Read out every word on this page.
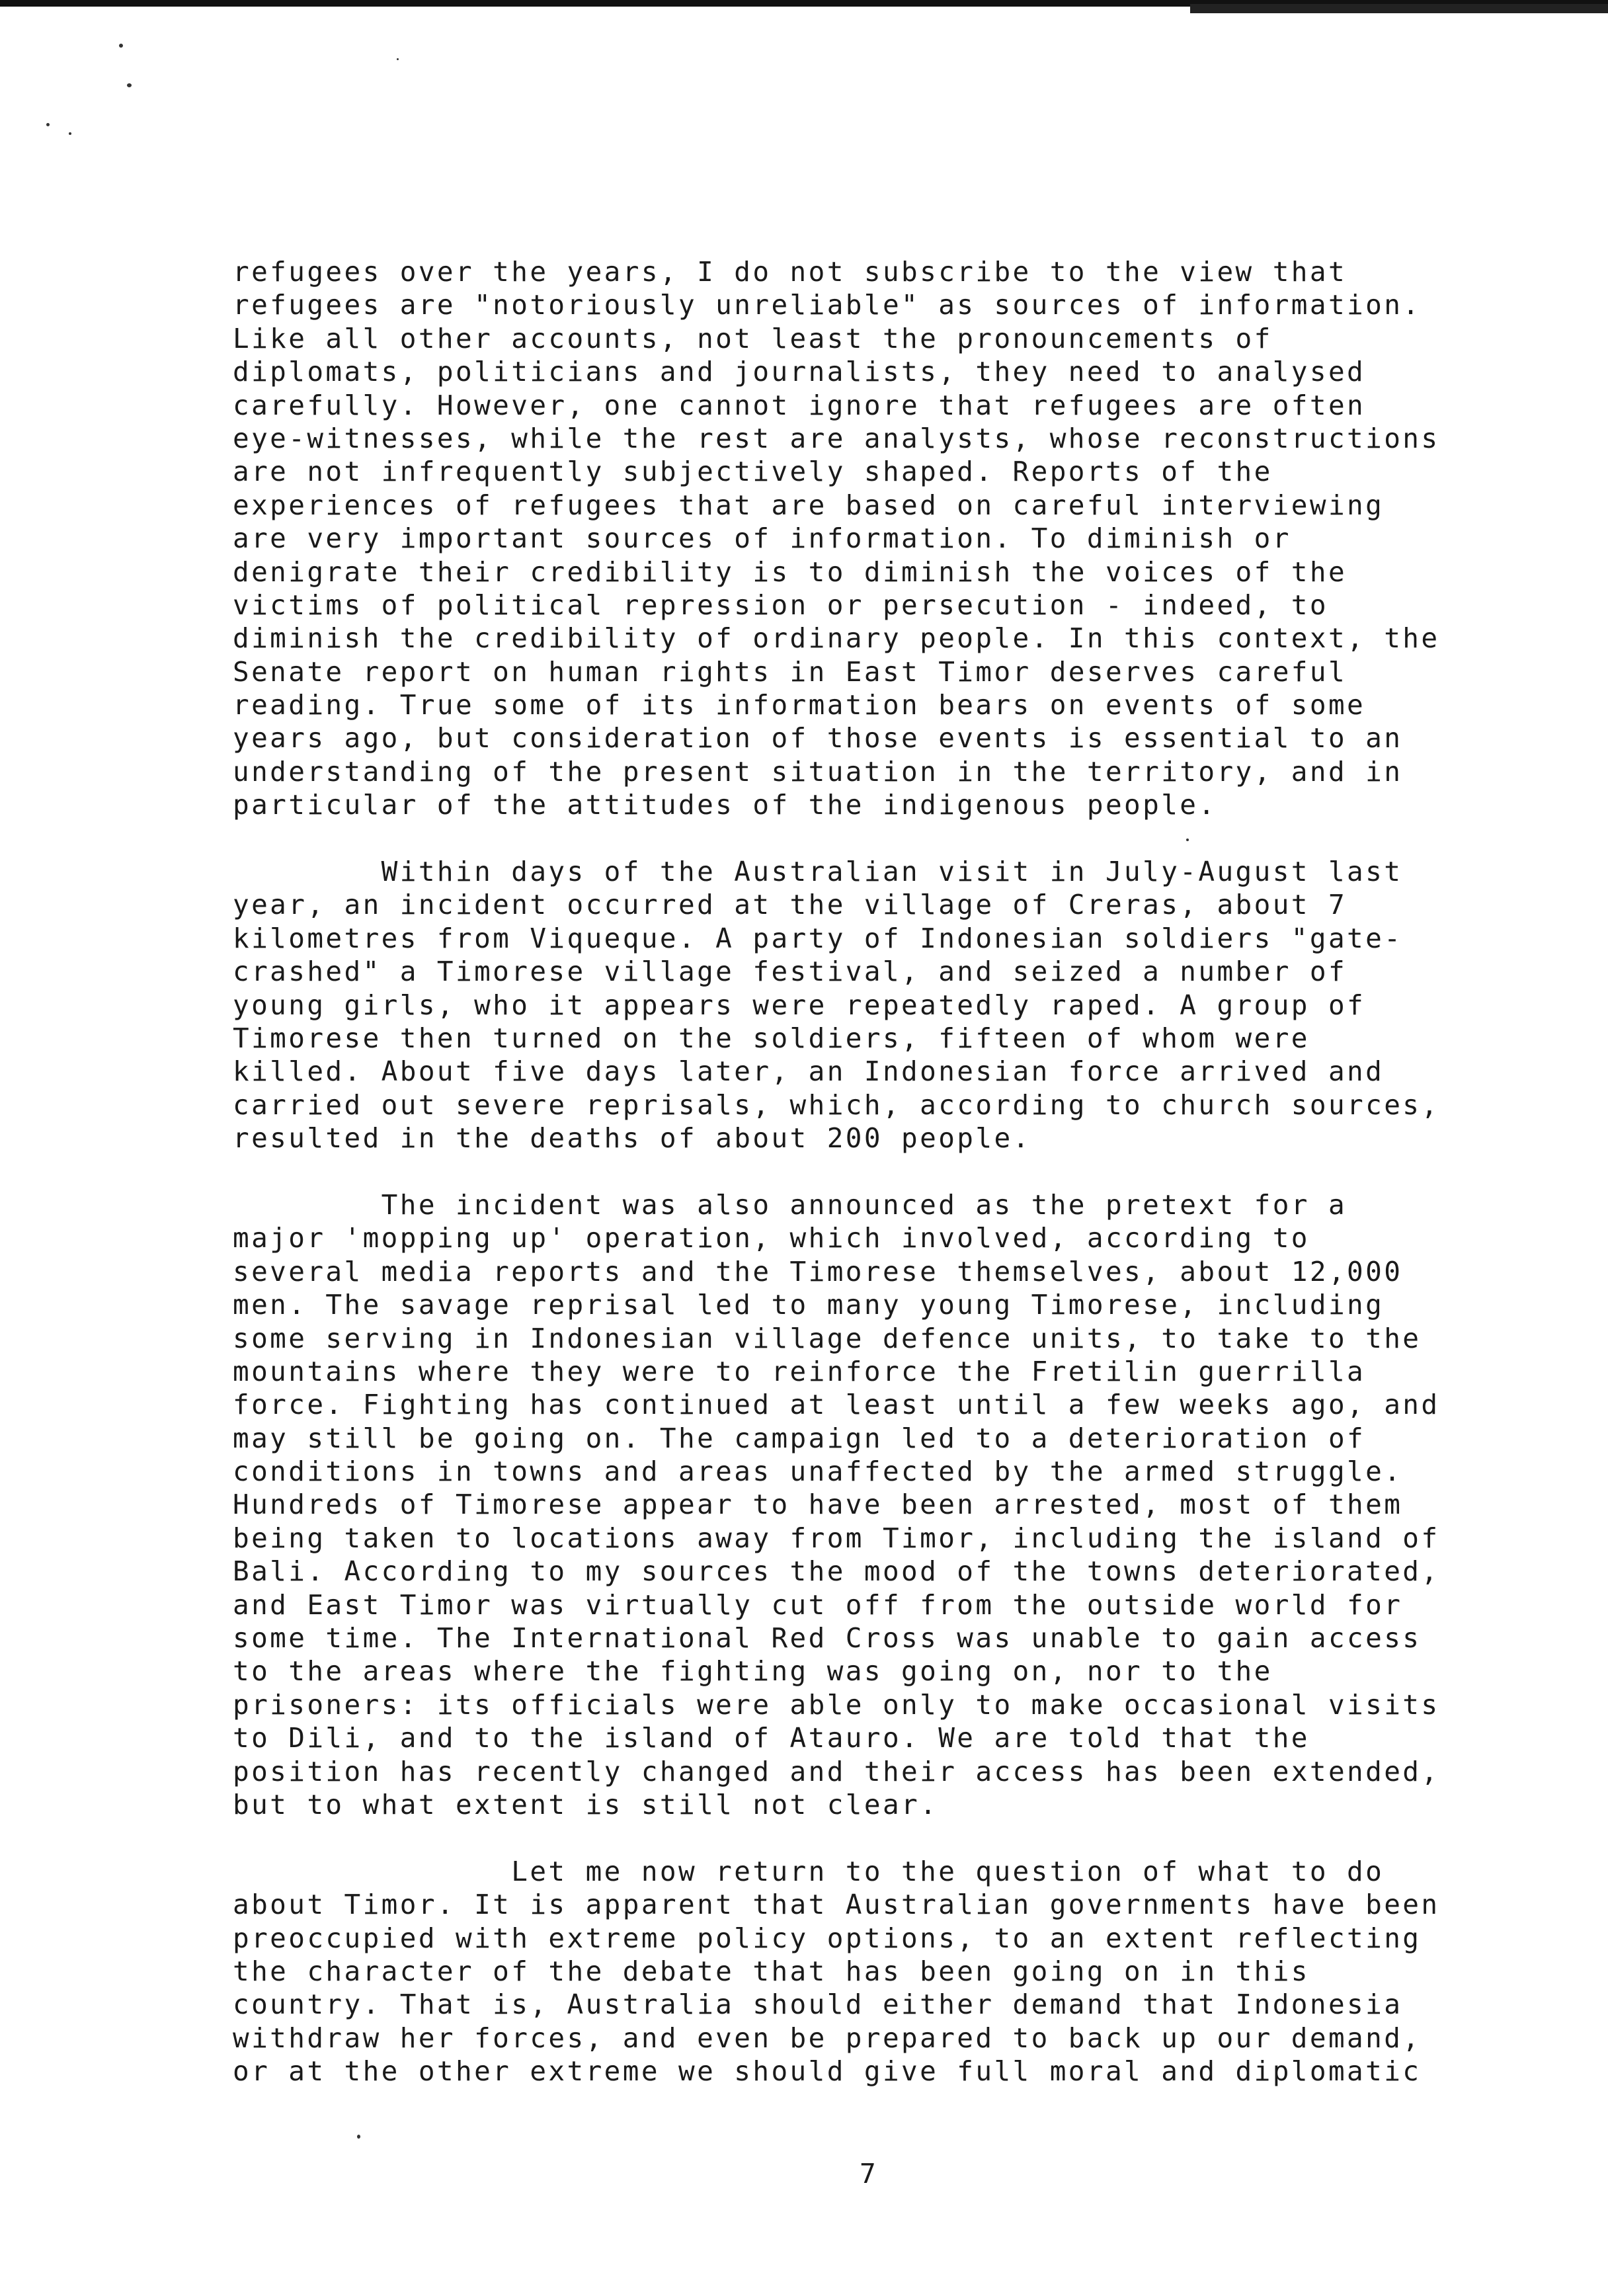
refugees over the years, I do not subscribe to the view that
refugees are "notoriously unreliable" as sources of information.
Like all other accounts, not least the pronouncements of
diplomats, politicians and journalists, they need to analysed
carefully. However, one cannot ignore that refugees are often
eye-witnesses, while the rest are analysts, whose reconstructions
are not infrequently subjectively shaped. Reports of the
experiences of refugees that are based on careful interviewing
are very important sources of information. To diminish or
denigrate their credibility is to diminish the voices of the
victims of political repression or persecution - indeed, to
diminish the credibility of ordinary people. In this context, the
Senate report on human rights in East Timor deserves careful
reading. True some of its information bears on events of some
years ago, but consideration of those events is essential to an
understanding of the present situation in the territory, and in
particular of the attitudes of the indigenous people.
Within days of the Australian visit in July-August last
year, an incident occurred at the village of Creras, about 7
kilometres from Viqueque. A party of Indonesian soldiers "gate-
crashed" a Timorese village festival, and seized a number of
young girls, who it appears were repeatedly raped. A group of
Timorese then turned on the soldiers, fifteen of whom were
killed. About five days later, an Indonesian force arrived and
carried out severe reprisals, which, according to church sources,
resulted in the deaths of about 200 people.
The incident was also announced as the pretext for a
major 'mopping up' operation, which involved, according to
several media reports and the Timorese themselves, about 12,000
men. The savage reprisal led to many young Timorese, including
some serving in Indonesian village defence units, to take to the
mountains where they were to reinforce the Fretilin guerrilla
force. Fighting has continued at least until a few weeks ago, and
may still be going on. The campaign led to a deterioration of
conditions in towns and areas unaffected by the armed struggle.
Hundreds of Timorese appear to have been arrested, most of them
being taken to locations away from Timor, including the island of
Bali. According to my sources the mood of the towns deteriorated,
and East Timor was virtually cut off from the outside world for
some time. The International Red Cross was unable to gain access
to the areas where the fighting was going on, nor to the
prisoners: its officials were able only to make occasional visits
to Dili, and to the island of Atauro. We are told that the
position has recently changed and their access has been extended,
but to what extent is still not clear.
Let me now return to the question of what to do
about Timor. It is apparent that Australian governments have been
preoccupied with extreme policy options, to an extent reflecting
the character of the debate that has been going on in this
country. That is, Australia should either demand that Indonesia
withdraw her forces, and even be prepared to back up our demand,
or at the other extreme we should give full moral and diplomatic

7
